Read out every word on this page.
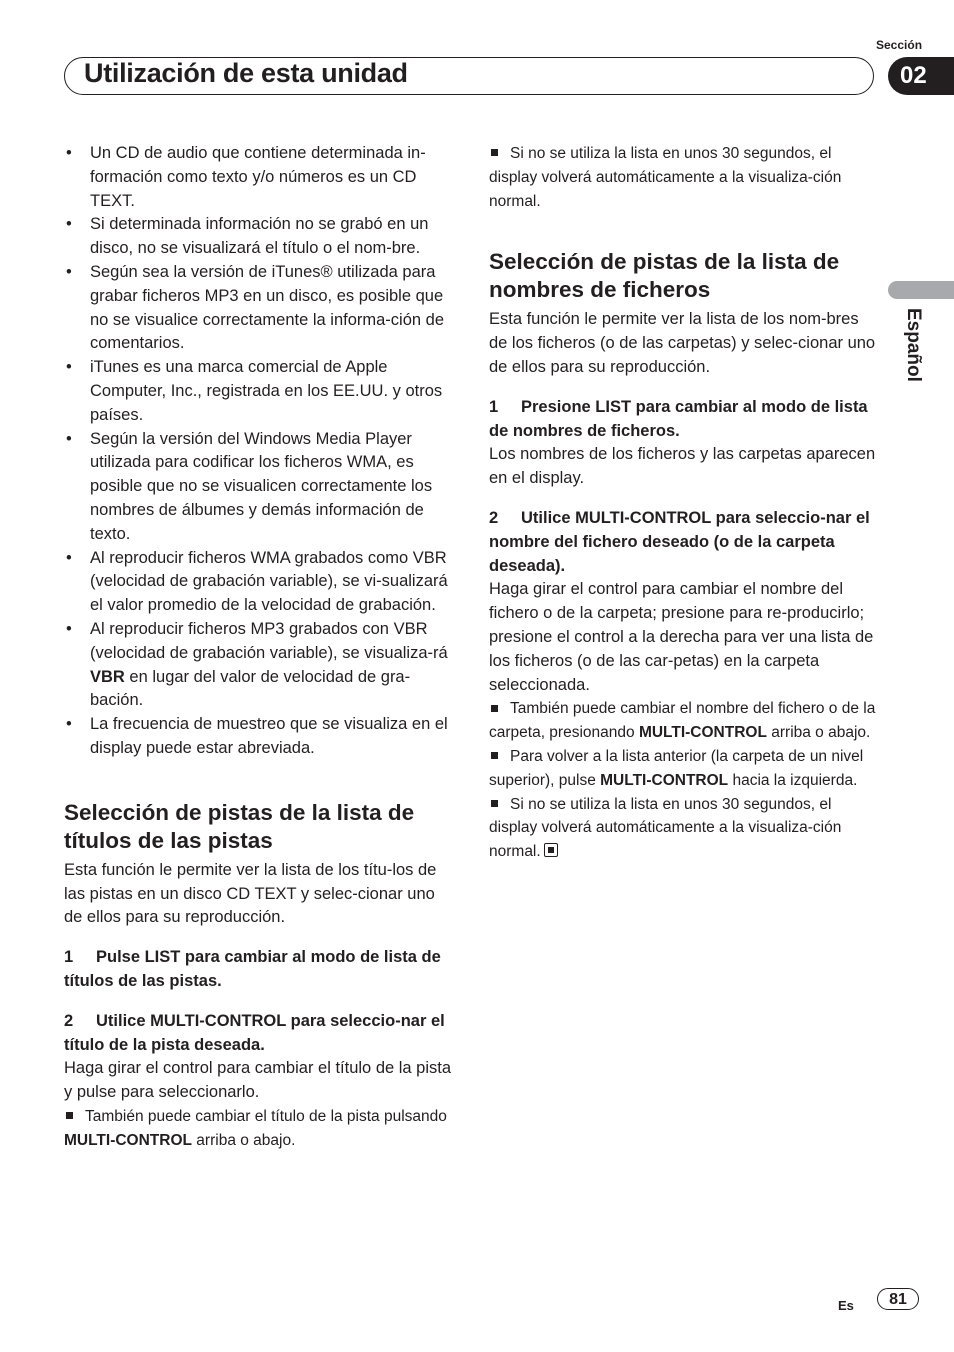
Sección
Utilización de esta unidad	02
Español
• Un CD de audio que contiene determinada in-formación como texto y/o números es un CD TEXT.
• Si determinada información no se grabó en un disco, no se visualizará el título o el nom-bre.
• Según sea la versión de iTunes® utilizada para grabar ficheros MP3 en un disco, es posible que no se visualice correctamente la informa-ción de comentarios.
• iTunes es una marca comercial de Apple Computer, Inc., registrada en los EE.UU. y otros países.
• Según la versión del Windows Media Player utilizada para codificar los ficheros WMA, es posible que no se visualicen correctamente los nombres de álbumes y demás información de texto.
• Al reproducir ficheros WMA grabados como VBR (velocidad de grabación variable), se vi-sualizará el valor promedio de la velocidad de grabación.
• Al reproducir ficheros MP3 grabados con VBR (velocidad de grabación variable), se visualiza-rá VBR en lugar del valor de velocidad de gra-bación.
• La frecuencia de muestreo que se visualiza en el display puede estar abreviada.
Selección de pistas de la lista de títulos de las pistas

Esta función le permite ver la lista de los títu-los de las pistas en un disco CD TEXT y selec-cionar uno de ellos para su reproducción.

1 Pulse LIST para cambiar al modo de lista de títulos de las pistas.

2 Utilice MULTI-CONTROL para seleccio-nar el título de la pista deseada.

Haga girar el control para cambiar el título de la pista y pulse para seleccionarlo.

También puede cambiar el título de la pista pulsando MULTI-CONTROL arriba o abajo.

Si no se utiliza la lista en unos 30 segundos, el display volverá automáticamente a la visualiza-ción normal.

Selección de pistas de la lista de nombres de ficheros

Esta función le permite ver la lista de los nom-bres de los ficheros (o de las carpetas) y selec-cionar uno de ellos para su reproducción.

1 Presione LIST para cambiar al modo de lista de nombres de ficheros.

Los nombres de los ficheros y las carpetas aparecen en el display.

2 Utilice MULTI-CONTROL para seleccio-nar el nombre del fichero deseado (o de la carpeta deseada).

Haga girar el control para cambiar el nombre del fichero o de la carpeta; presione para re-producirlo; presione el control a la derecha para ver una lista de los ficheros (o de las car-petas) en la carpeta seleccionada.

También puede cambiar el nombre del fichero o de la carpeta, presionando MULTI-CONTROL arriba o abajo.

Para volver a la lista anterior (la carpeta de un nivel superior), pulse MULTI-CONTROL hacia la izquierda.

Si no se utiliza la lista en unos 30 segundos, el display volverá automáticamente a la visualiza-ción normal.

Es	81
